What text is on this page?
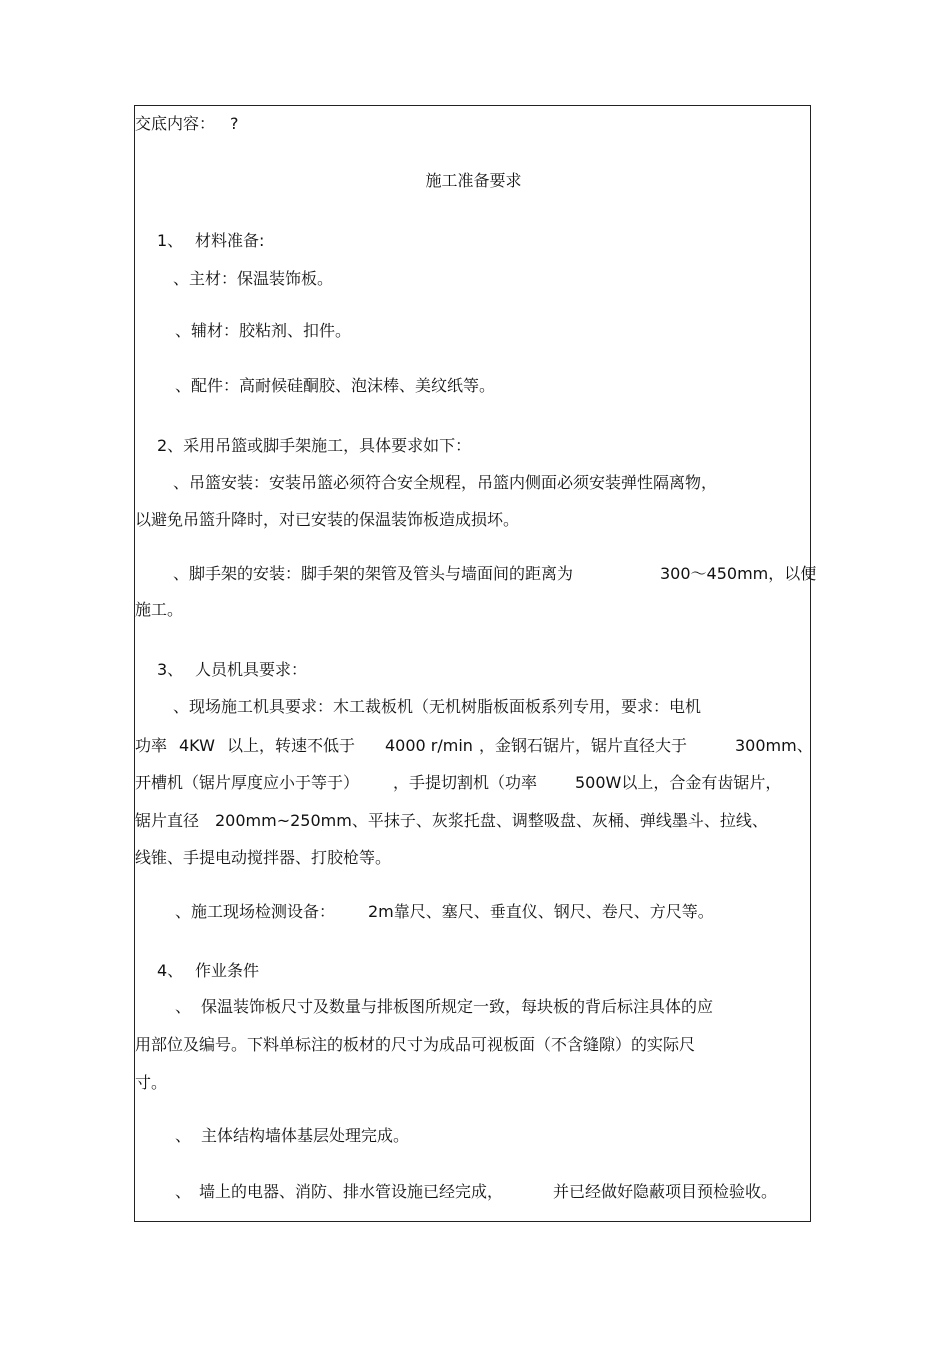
交底内容： ?
施工准备要求
1、 材料准备:
、主材：保温装饰板。
、辅材：胶粘剂、扣件。
、配件：高耐候硅酮胶、泡沫棒、美纹纸等。
2、采用吊篮或脚手架施工，具体要求如下：
、吊篮安装：安装吊篮必须符合安全规程，吊篮内侧面必须安装弹性隔离物，
以避免吊篮升降时，对已安装的保温装饰板造成损坏。
、脚手架的安装：脚手架的架管及管头与墙面间的距离为	300～450mm，以便
施工。
3、 人员机具要求：
、现场施工机具要求：木工裁板机（无机树脂板面板系列专用，要求：电机
功率 4KW 以上，转速不低于 4000 r/min ，金钢石锯片，锯片直径大于	300mm、
开槽机（锯片厚度应小于等于） ，手提切割机（功率 500W以上，合金有齿锯片，
锯片直径 200mm~250mm、平抹子、灰浆托盘、调整吸盘、灰桶、弹线墨斗、拉线、
线锥、手提电动搅拌器、打胶枪等。
、施工现场检测设备： 2m靠尺、塞尺、垂直仪、钢尺、卷尺、方尺等。
4、 作业条件
、 保温装饰板尺寸及数量与排板图所规定一致，每块板的背后标注具体的应
用部位及编号。下料单标注的板材的尺寸为成品可视板面（不含缝隙）的实际尺
寸。
、 主体结构墙体基层处理完成。
、 墙上的电器、消防、排水管设施已经完成，	并已经做好隐蔽项目预检验收。
